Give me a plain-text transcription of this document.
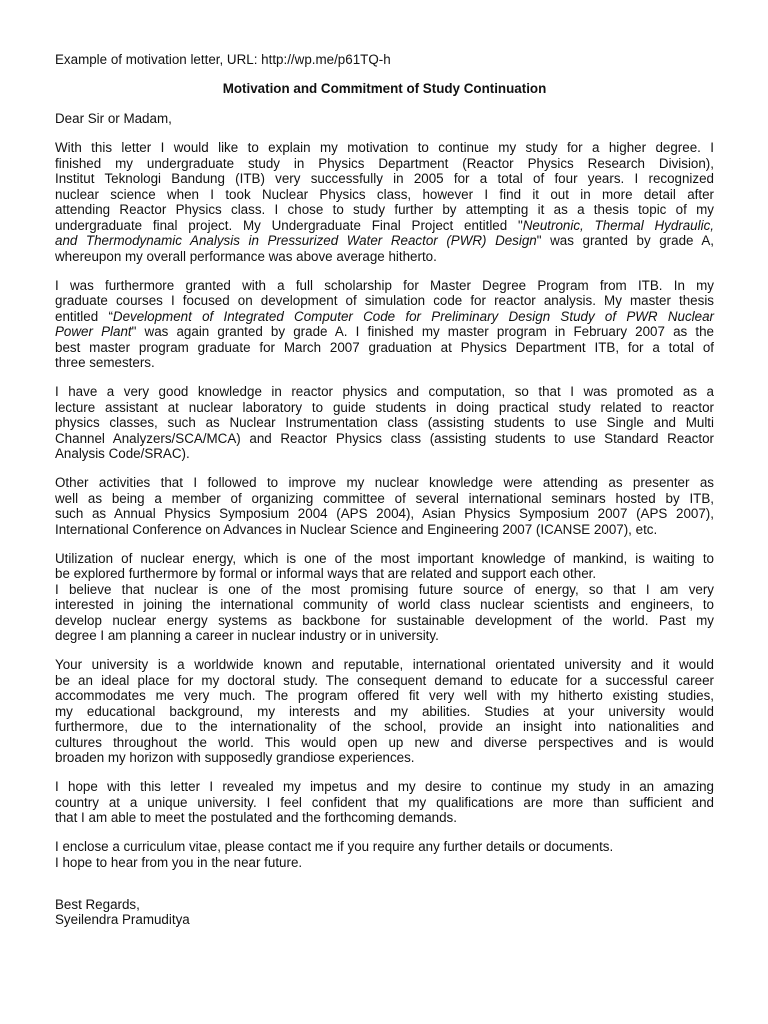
Example of motivation letter, URL: http://wp.me/p61TQ-h
Motivation and Commitment of Study Continuation
Dear Sir or Madam,
With this letter I would like to explain my motivation to continue my study for a higher degree. I
finished my undergraduate study in Physics Department (Reactor Physics Research Division),
Institut Teknologi Bandung (ITB) very successfully in 2005 for a total of four years. I recognized
nuclear science when I took Nuclear Physics class, however I find it out in more detail after
attending Reactor Physics class. I chose to study further by attempting it as a thesis topic of my
undergraduate final project. My Undergraduate Final Project entitled "Neutronic, Thermal Hydraulic,
and Thermodynamic Analysis in Pressurized Water Reactor (PWR) Design" was granted by grade A,
whereupon my overall performance was above average hitherto.
I was furthermore granted with a full scholarship for Master Degree Program from ITB. In my
graduate courses I focused on development of simulation code for reactor analysis. My master thesis
entitled “Development of Integrated Computer Code for Preliminary Design Study of PWR Nuclear
Power Plant" was again granted by grade A. I finished my master program in February 2007 as the
best master program graduate for March 2007 graduation at Physics Department ITB, for a total of
three semesters.
I have a very good knowledge in reactor physics and computation, so that I was promoted as a
lecture assistant at nuclear laboratory to guide students in doing practical study related to reactor
physics classes, such as Nuclear Instrumentation class (assisting students to use Single and Multi
Channel Analyzers/SCA/MCA) and Reactor Physics class (assisting students to use Standard Reactor
Analysis Code/SRAC).
Other activities that I followed to improve my nuclear knowledge were attending as presenter as
well as being a member of organizing committee of several international seminars hosted by ITB,
such as Annual Physics Symposium 2004 (APS 2004), Asian Physics Symposium 2007 (APS 2007),
International Conference on Advances in Nuclear Science and Engineering 2007 (ICANSE 2007), etc.
Utilization of nuclear energy, which is one of the most important knowledge of mankind, is waiting to
be explored furthermore by formal or informal ways that are related and support each other.
I believe that nuclear is one of the most promising future source of energy, so that I am very
interested in joining the international community of world class nuclear scientists and engineers, to
develop nuclear energy systems as backbone for sustainable development of the world. Past my
degree I am planning a career in nuclear industry or in university.
Your university is a worldwide known and reputable, international orientated university and it would
be an ideal place for my doctoral study. The consequent demand to educate for a successful career
accommodates me very much. The program offered fit very well with my hitherto existing studies,
my educational background, my interests and my abilities. Studies at your university would
furthermore, due to the internationality of the school, provide an insight into nationalities and
cultures throughout the world. This would open up new and diverse perspectives and is would
broaden my horizon with supposedly grandiose experiences.
I hope with this letter I revealed my impetus and my desire to continue my study in an amazing
country at a unique university. I feel confident that my qualifications are more than sufficient and
that I am able to meet the postulated and the forthcoming demands.
I enclose a curriculum vitae, please contact me if you require any further details or documents.
I hope to hear from you in the near future.
Best Regards,
Syeilendra Pramuditya
